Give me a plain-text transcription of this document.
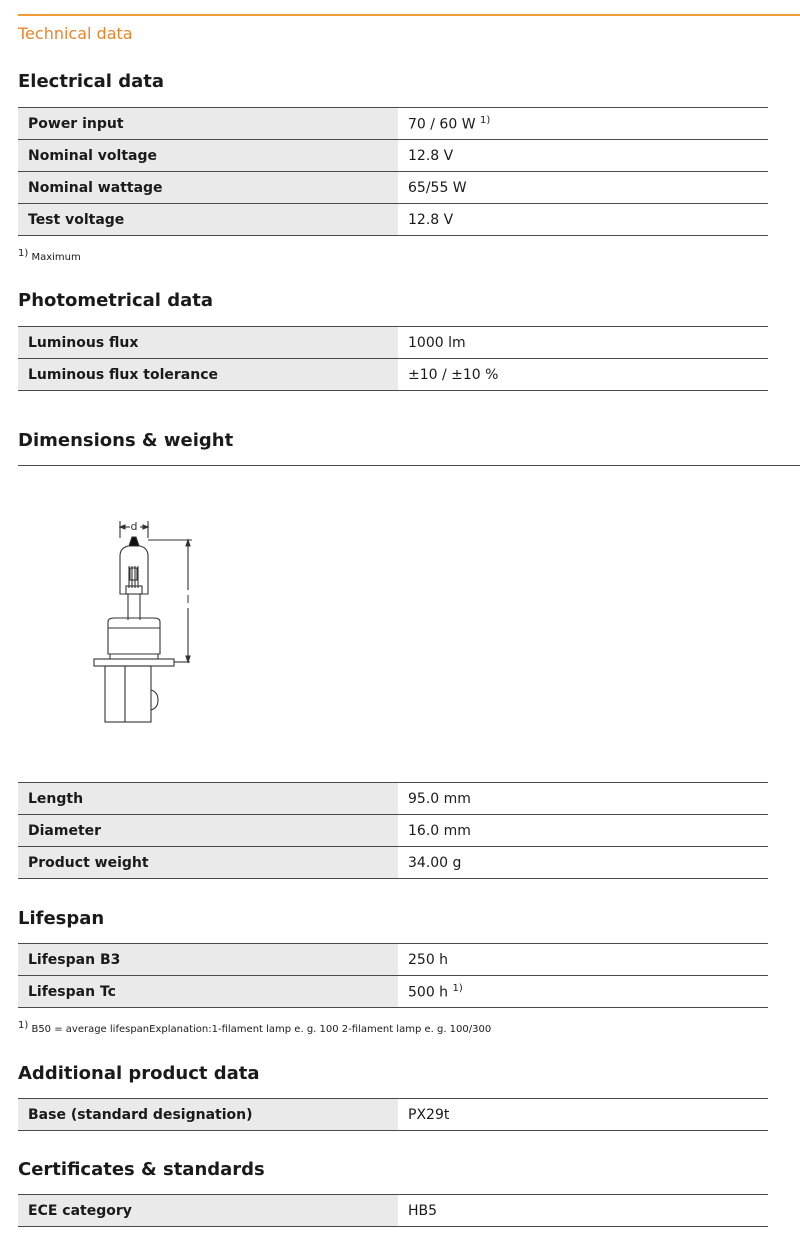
Technical data
Electrical data
Power input	70 / 60 W $^{1)}$
Nominal voltage	12.8 V
Nominal wattage	65/55 W
Test voltage	12.8 V
$^{1)}$ Maximum
Photometrical data
Luminous flux	1000 lm
Luminous flux tolerance	±10 / ±10 %
Dimensions & weight
d
l
Length	95.0 mm
Diameter	16.0 mm
Product weight	34.00 g
Lifespan
Lifespan B3	250 h
Lifespan Tc	500 h $^{1)}$
$^{1)}$ B50 = average lifespanExplanation:1-filament lamp e. g. 100 2-filament lamp e. g. 100/300
Additional product data
Base (standard designation)	PX29t
Certificates & standards
ECE category	HB5
